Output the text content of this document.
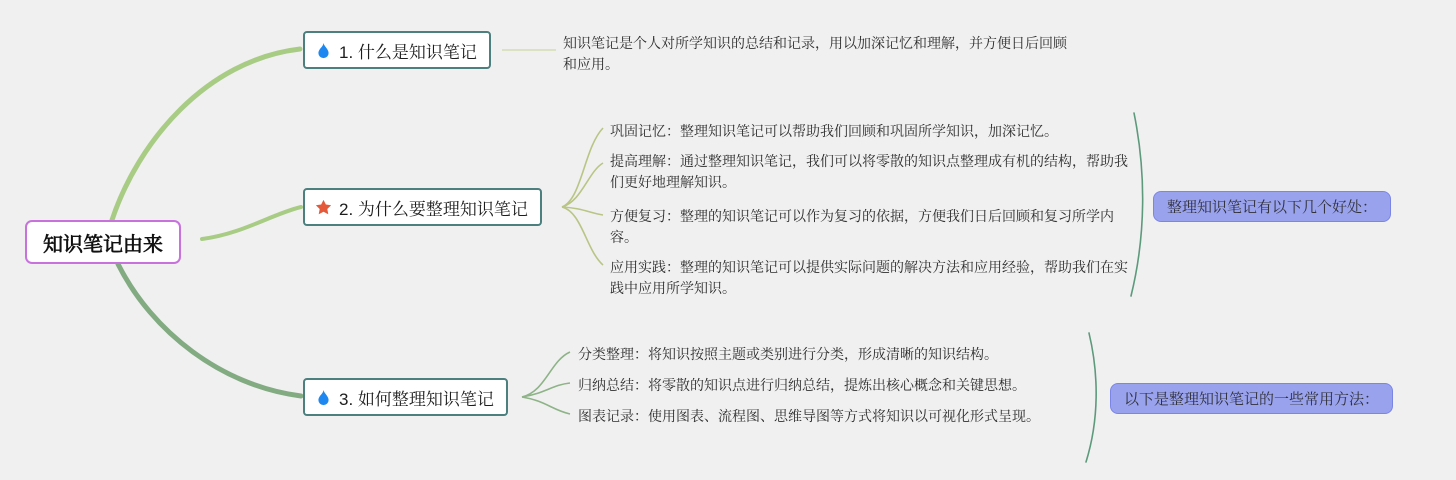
知识笔记由来
1. 什么是知识笔记	知识笔记是个人对所学知识的总结和记录，用以加深记忆和理解，并方便日后回顾和应用。
2. 为什么要整理知识笔记
巩固记忆：整理知识笔记可以帮助我们回顾和巩固所学知识，加深记忆。
提高理解：通过整理知识笔记，我们可以将零散的知识点整理成有机的结构，帮助我们更好地理解知识。
方便复习：整理的知识笔记可以作为复习的依据，方便我们日后回顾和复习所学内容。
应用实践：整理的知识笔记可以提供实际问题的解决方法和应用经验，帮助我们在实践中应用所学知识。
整理知识笔记有以下几个好处：
3. 如何整理知识笔记
分类整理：将知识按照主题或类别进行分类，形成清晰的知识结构。
归纳总结：将零散的知识点进行归纳总结，提炼出核心概念和关键思想。
图表记录：使用图表、流程图、思维导图等方式将知识以可视化形式呈现。
以下是整理知识笔记的一些常用方法：
